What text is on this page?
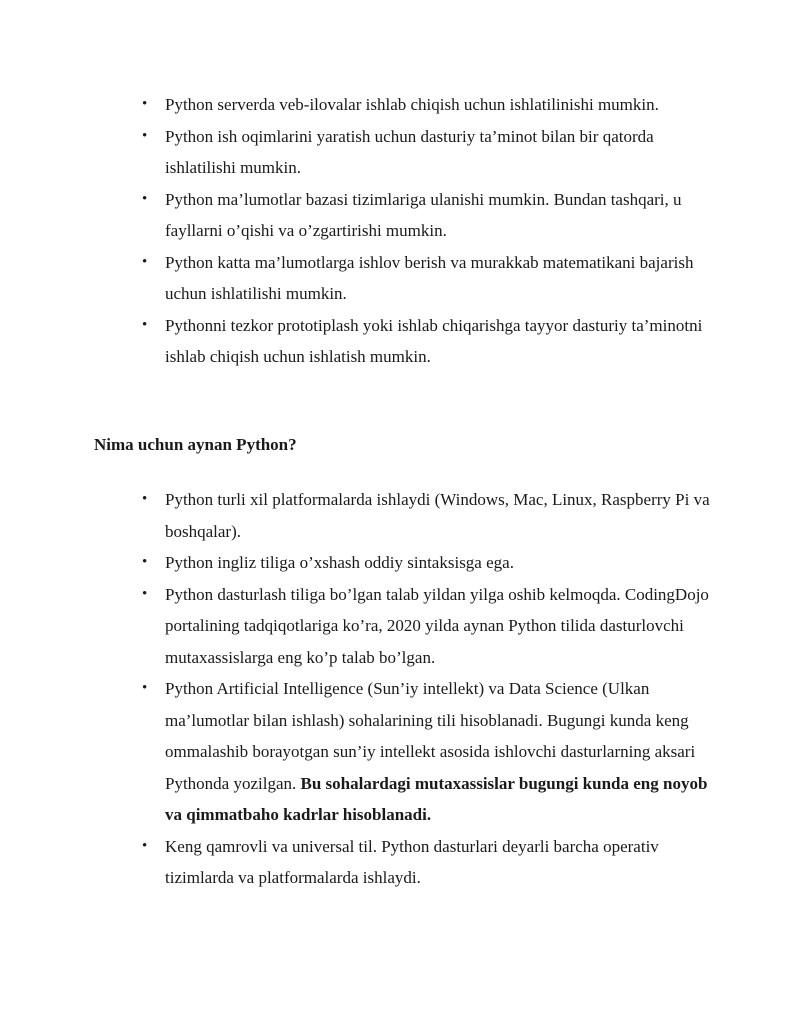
• Python serverda veb-ilovalar ishlab chiqish uchun ishlatilinishi mumkin.
• Python ish oqimlarini yaratish uchun dasturiy ta’minot bilan bir qatorda ishlatilishi mumkin.
• Python ma’lumotlar bazasi tizimlariga ulanishi mumkin. Bundan tashqari, u fayllarni o’qishi va o’zgartirishi mumkin.
• Python katta ma’lumotlarga ishlov berish va murakkab matematikani bajarish uchun ishlatilishi mumkin.
• Pythonni tezkor prototiplash yoki ishlab chiqarishga tayyor dasturiy ta’minotni ishlab chiqish uchun ishlatish mumkin.

Nima uchun aynan Python?

• Python turli xil platformalarda ishlaydi (Windows, Mac, Linux, Raspberry Pi va boshqalar).
• Python ingliz tiliga o’xshash oddiy sintaksisga ega.
• Python dasturlash tiliga bo’lgan talab yildan yilga oshib kelmoqda. CodingDojo portalining tadqiqotlariga ko’ra, 2020 yilda aynan Python tilida dasturlovchi mutaxassislarga eng ko’p talab bo’lgan.
• Python Artificial Intelligence (Sun’iy intellekt) va Data Science (Ulkan ma’lumotlar bilan ishlash) sohalarining tili hisoblanadi. Bugungi kunda keng ommalashib borayotgan sun’iy intellekt asosida ishlovchi dasturlarning aksari Pythonda yozilgan. Bu sohalardagi mutaxassislar bugungi kunda eng noyob va qimmatbaho kadrlar hisoblanadi.
• Keng qamrovli va universal til. Python dasturlari deyarli barcha operativ tizimlarda va platformalarda ishlaydi.
